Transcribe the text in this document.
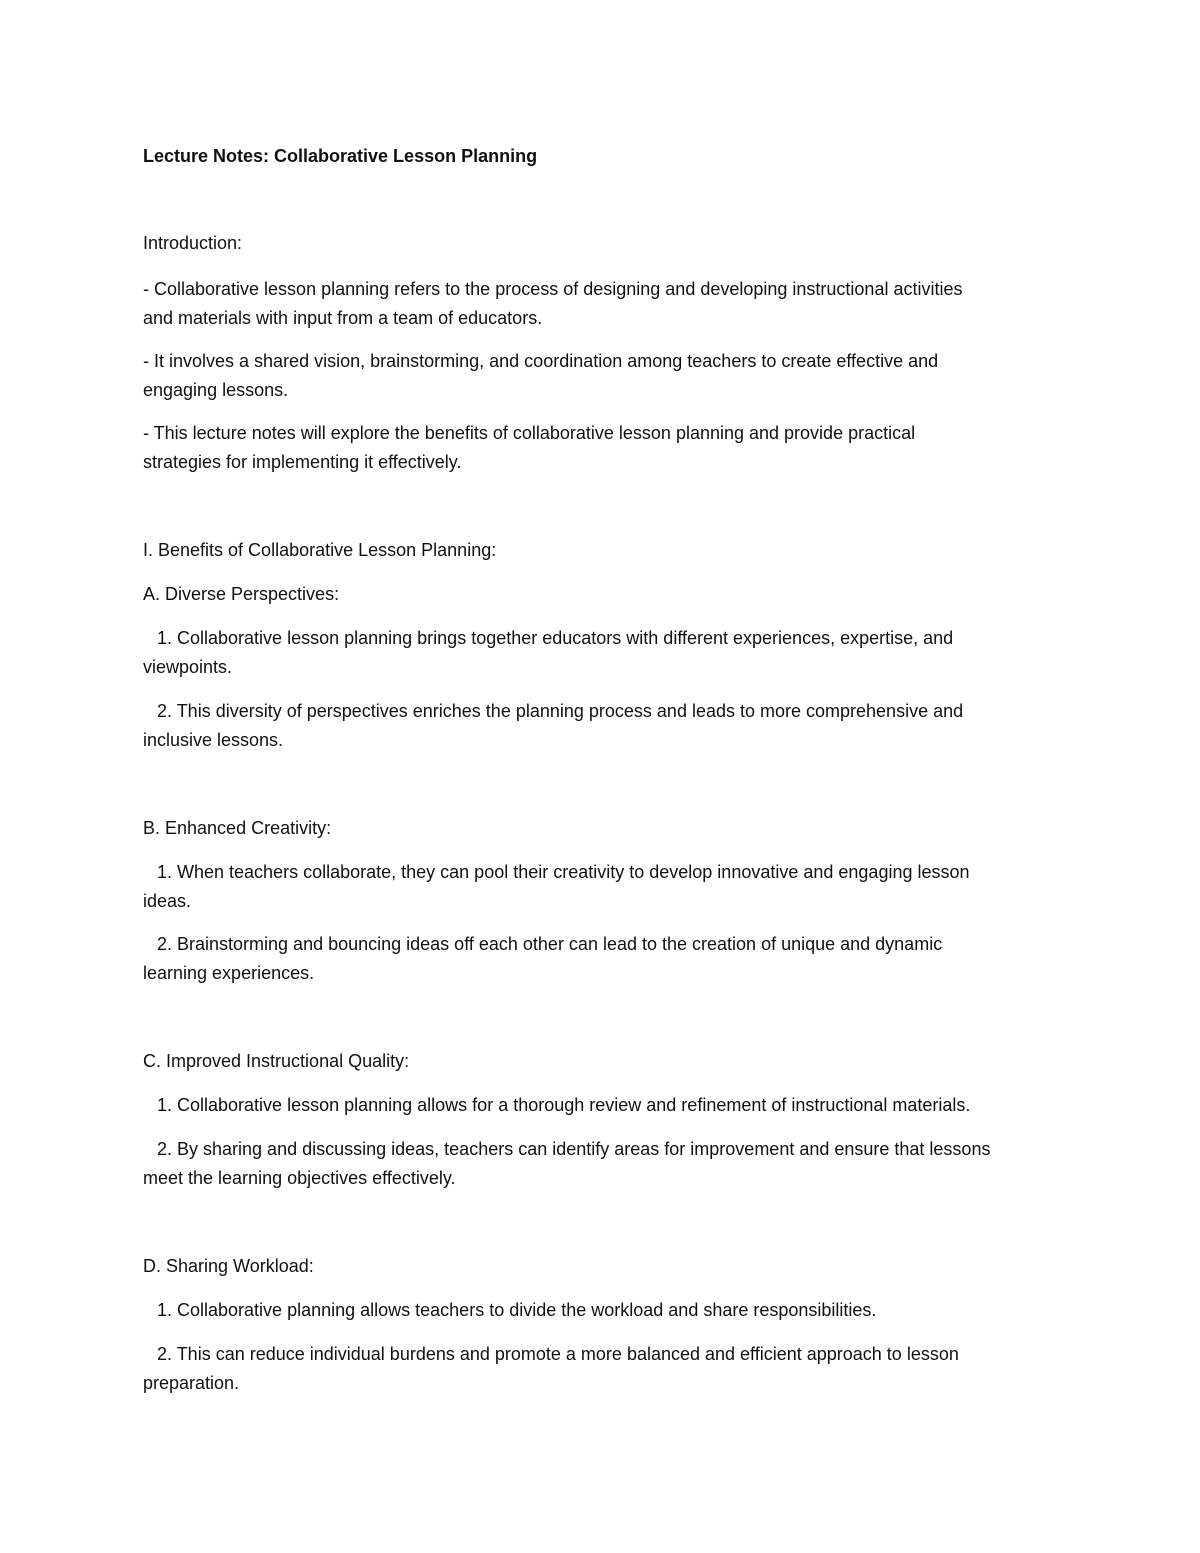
Lecture Notes: Collaborative Lesson Planning
Introduction:
- Collaborative lesson planning refers to the process of designing and developing instructional activities
and materials with input from a team of educators.
- It involves a shared vision, brainstorming, and coordination among teachers to create effective and
engaging lessons.
- This lecture notes will explore the benefits of collaborative lesson planning and provide practical
strategies for implementing it effectively.
I. Benefits of Collaborative Lesson Planning:
A. Diverse Perspectives:
1. Collaborative lesson planning brings together educators with different experiences, expertise, and
viewpoints.
2. This diversity of perspectives enriches the planning process and leads to more comprehensive and
inclusive lessons.
B. Enhanced Creativity:
1. When teachers collaborate, they can pool their creativity to develop innovative and engaging lesson
ideas.
2. Brainstorming and bouncing ideas off each other can lead to the creation of unique and dynamic
learning experiences.
C. Improved Instructional Quality:
1. Collaborative lesson planning allows for a thorough review and refinement of instructional materials.
2. By sharing and discussing ideas, teachers can identify areas for improvement and ensure that lessons
meet the learning objectives effectively.
D. Sharing Workload:
1. Collaborative planning allows teachers to divide the workload and share responsibilities.
2. This can reduce individual burdens and promote a more balanced and efficient approach to lesson
preparation.
